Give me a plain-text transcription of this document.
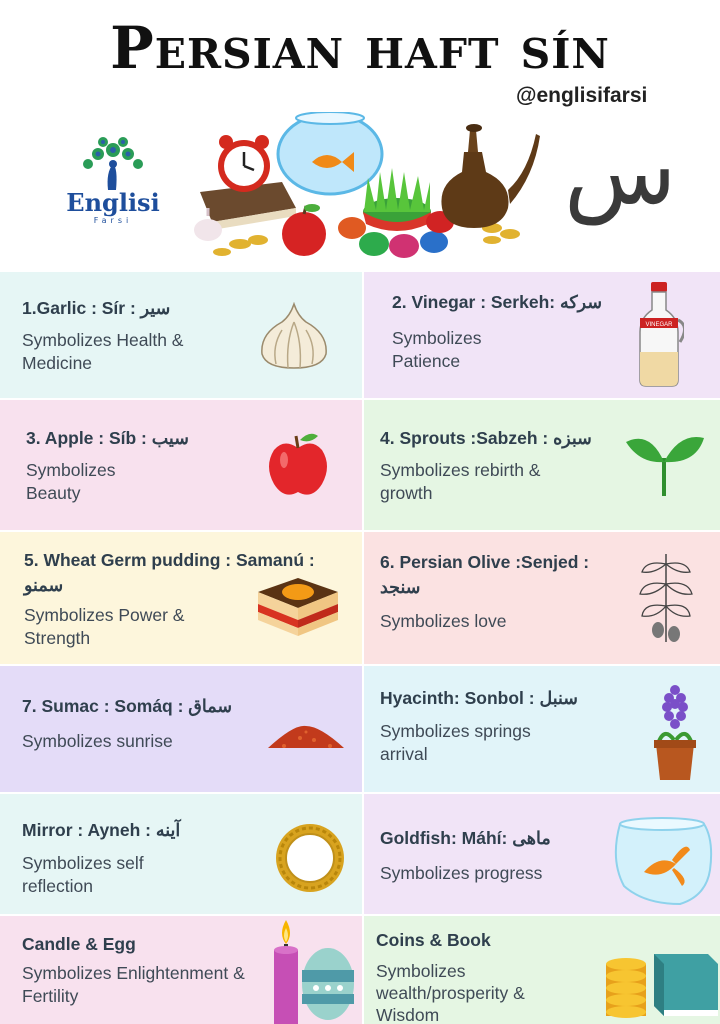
Persian haft sín
@englisifarsi
Englisi
Farsi	س
1.Garlic : Sír : سیر
Symbolizes Health & Medicine
2. Vinegar : Serkeh: سرکه
Symbolizes Patience
VINEGAR
3. Apple : Síb : سیب
Symbolizes Beauty
4. Sprouts :Sabzeh : سبزه
Symbolizes rebirth & growth
5. Wheat Germ pudding : Samanú : سمنو
Symbolizes Power & Strength
6. Persian Olive :Senjed : سنجد
Symbolizes love
7. Sumac : Somáq : سماق
Symbolizes sunrise
Hyacinth: Sonbol : سنبل
Symbolizes springs arrival
Mirror : Ayneh : آینه
Symbolizes self reflection
Goldfish: Máhí: ماهی
Symbolizes progress
Candle & Egg
Symbolizes Enlightenment & Fertility
Coins & Book
Symbolizes wealth/prosperity & Wisdom
